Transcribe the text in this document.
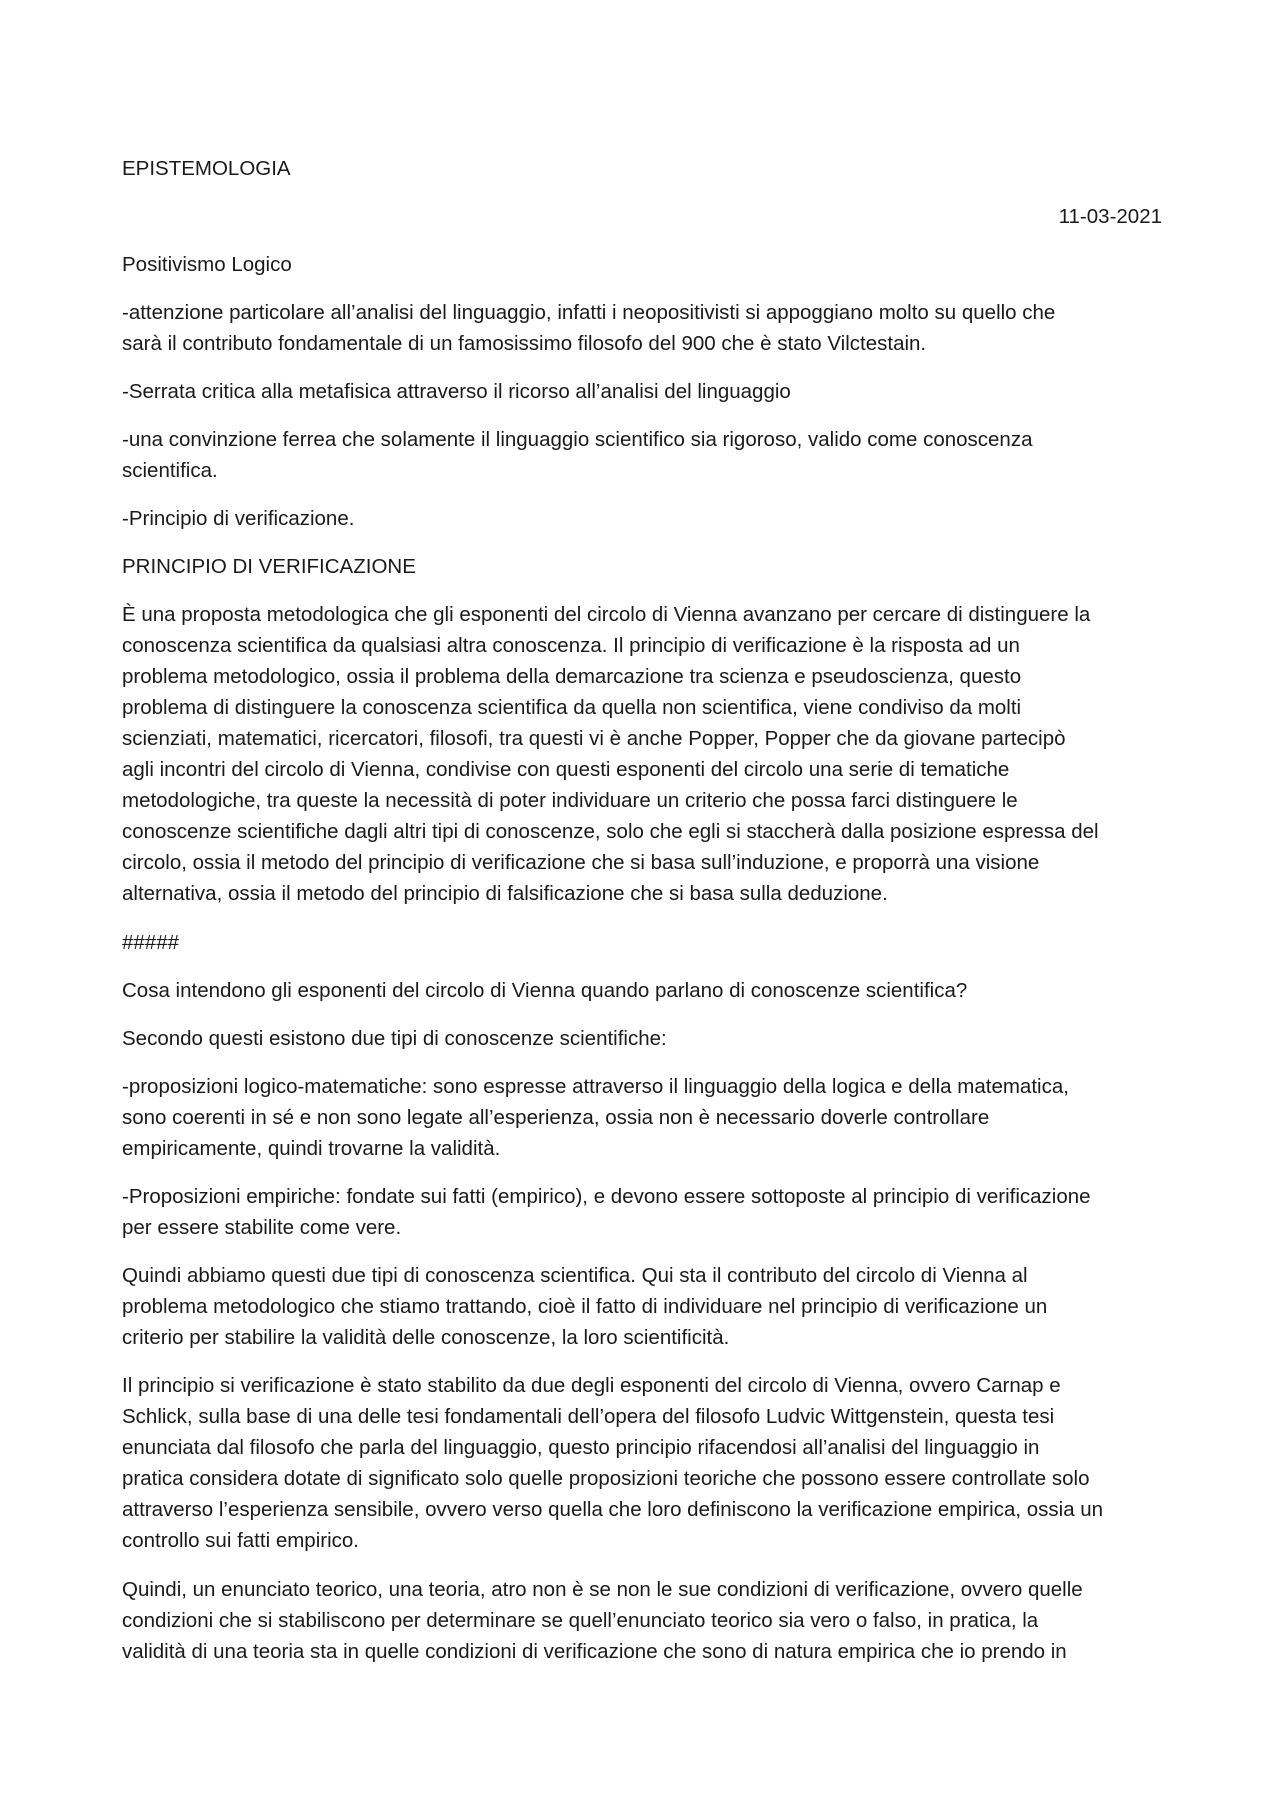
EPISTEMOLOGIA
11-03-2021
Positivismo Logico
-attenzione particolare all’analisi del linguaggio, infatti i neopositivisti si appoggiano molto su quello che
sarà il contributo fondamentale di un famosissimo filosofo del 900 che è stato Vilctestain.
-Serrata critica alla metafisica attraverso il ricorso all’analisi del linguaggio
-una convinzione ferrea che solamente il linguaggio scientifico sia rigoroso, valido come conoscenza
scientifica.
-Principio di verificazione.
PRINCIPIO DI VERIFICAZIONE
È una proposta metodologica che gli esponenti del circolo di Vienna avanzano per cercare di distinguere la
conoscenza scientifica da qualsiasi altra conoscenza. Il principio di verificazione è la risposta ad un
problema metodologico, ossia il problema della demarcazione tra scienza e pseudoscienza, questo
problema di distinguere la conoscenza scientifica da quella non scientifica, viene condiviso da molti
scienziati, matematici, ricercatori, filosofi, tra questi vi è anche Popper, Popper che da giovane partecipò
agli incontri del circolo di Vienna, condivise con questi esponenti del circolo una serie di tematiche
metodologiche, tra queste la necessità di poter individuare un criterio che possa farci distinguere le
conoscenze scientifiche dagli altri tipi di conoscenze, solo che egli si staccherà dalla posizione espressa del
circolo, ossia il metodo del principio di verificazione che si basa sull’induzione, e proporrà una visione
alternativa, ossia il metodo del principio di falsificazione che si basa sulla deduzione.
#####
Cosa intendono gli esponenti del circolo di Vienna quando parlano di conoscenze scientifica?
Secondo questi esistono due tipi di conoscenze scientifiche:
-proposizioni logico-matematiche: sono espresse attraverso il linguaggio della logica e della matematica,
sono coerenti in sé e non sono legate all’esperienza, ossia non è necessario doverle controllare
empiricamente, quindi trovarne la validità.
-Proposizioni empiriche: fondate sui fatti (empirico), e devono essere sottoposte al principio di verificazione
per essere stabilite come vere.
Quindi abbiamo questi due tipi di conoscenza scientifica. Qui sta il contributo del circolo di Vienna al
problema metodologico che stiamo trattando, cioè il fatto di individuare nel principio di verificazione un
criterio per stabilire la validità delle conoscenze, la loro scientificità.
Il principio si verificazione è stato stabilito da due degli esponenti del circolo di Vienna, ovvero Carnap e
Schlick, sulla base di una delle tesi fondamentali dell’opera del filosofo Ludvic Wittgenstein, questa tesi
enunciata dal filosofo che parla del linguaggio, questo principio rifacendosi all’analisi del linguaggio in
pratica considera dotate di significato solo quelle proposizioni teoriche che possono essere controllate solo
attraverso l’esperienza sensibile, ovvero verso quella che loro definiscono la verificazione empirica, ossia un
controllo sui fatti empirico.
Quindi, un enunciato teorico, una teoria, atro non è se non le sue condizioni di verificazione, ovvero quelle
condizioni che si stabiliscono per determinare se quell’enunciato teorico sia vero o falso, in pratica, la
validità di una teoria sta in quelle condizioni di verificazione che sono di natura empirica che io prendo in
